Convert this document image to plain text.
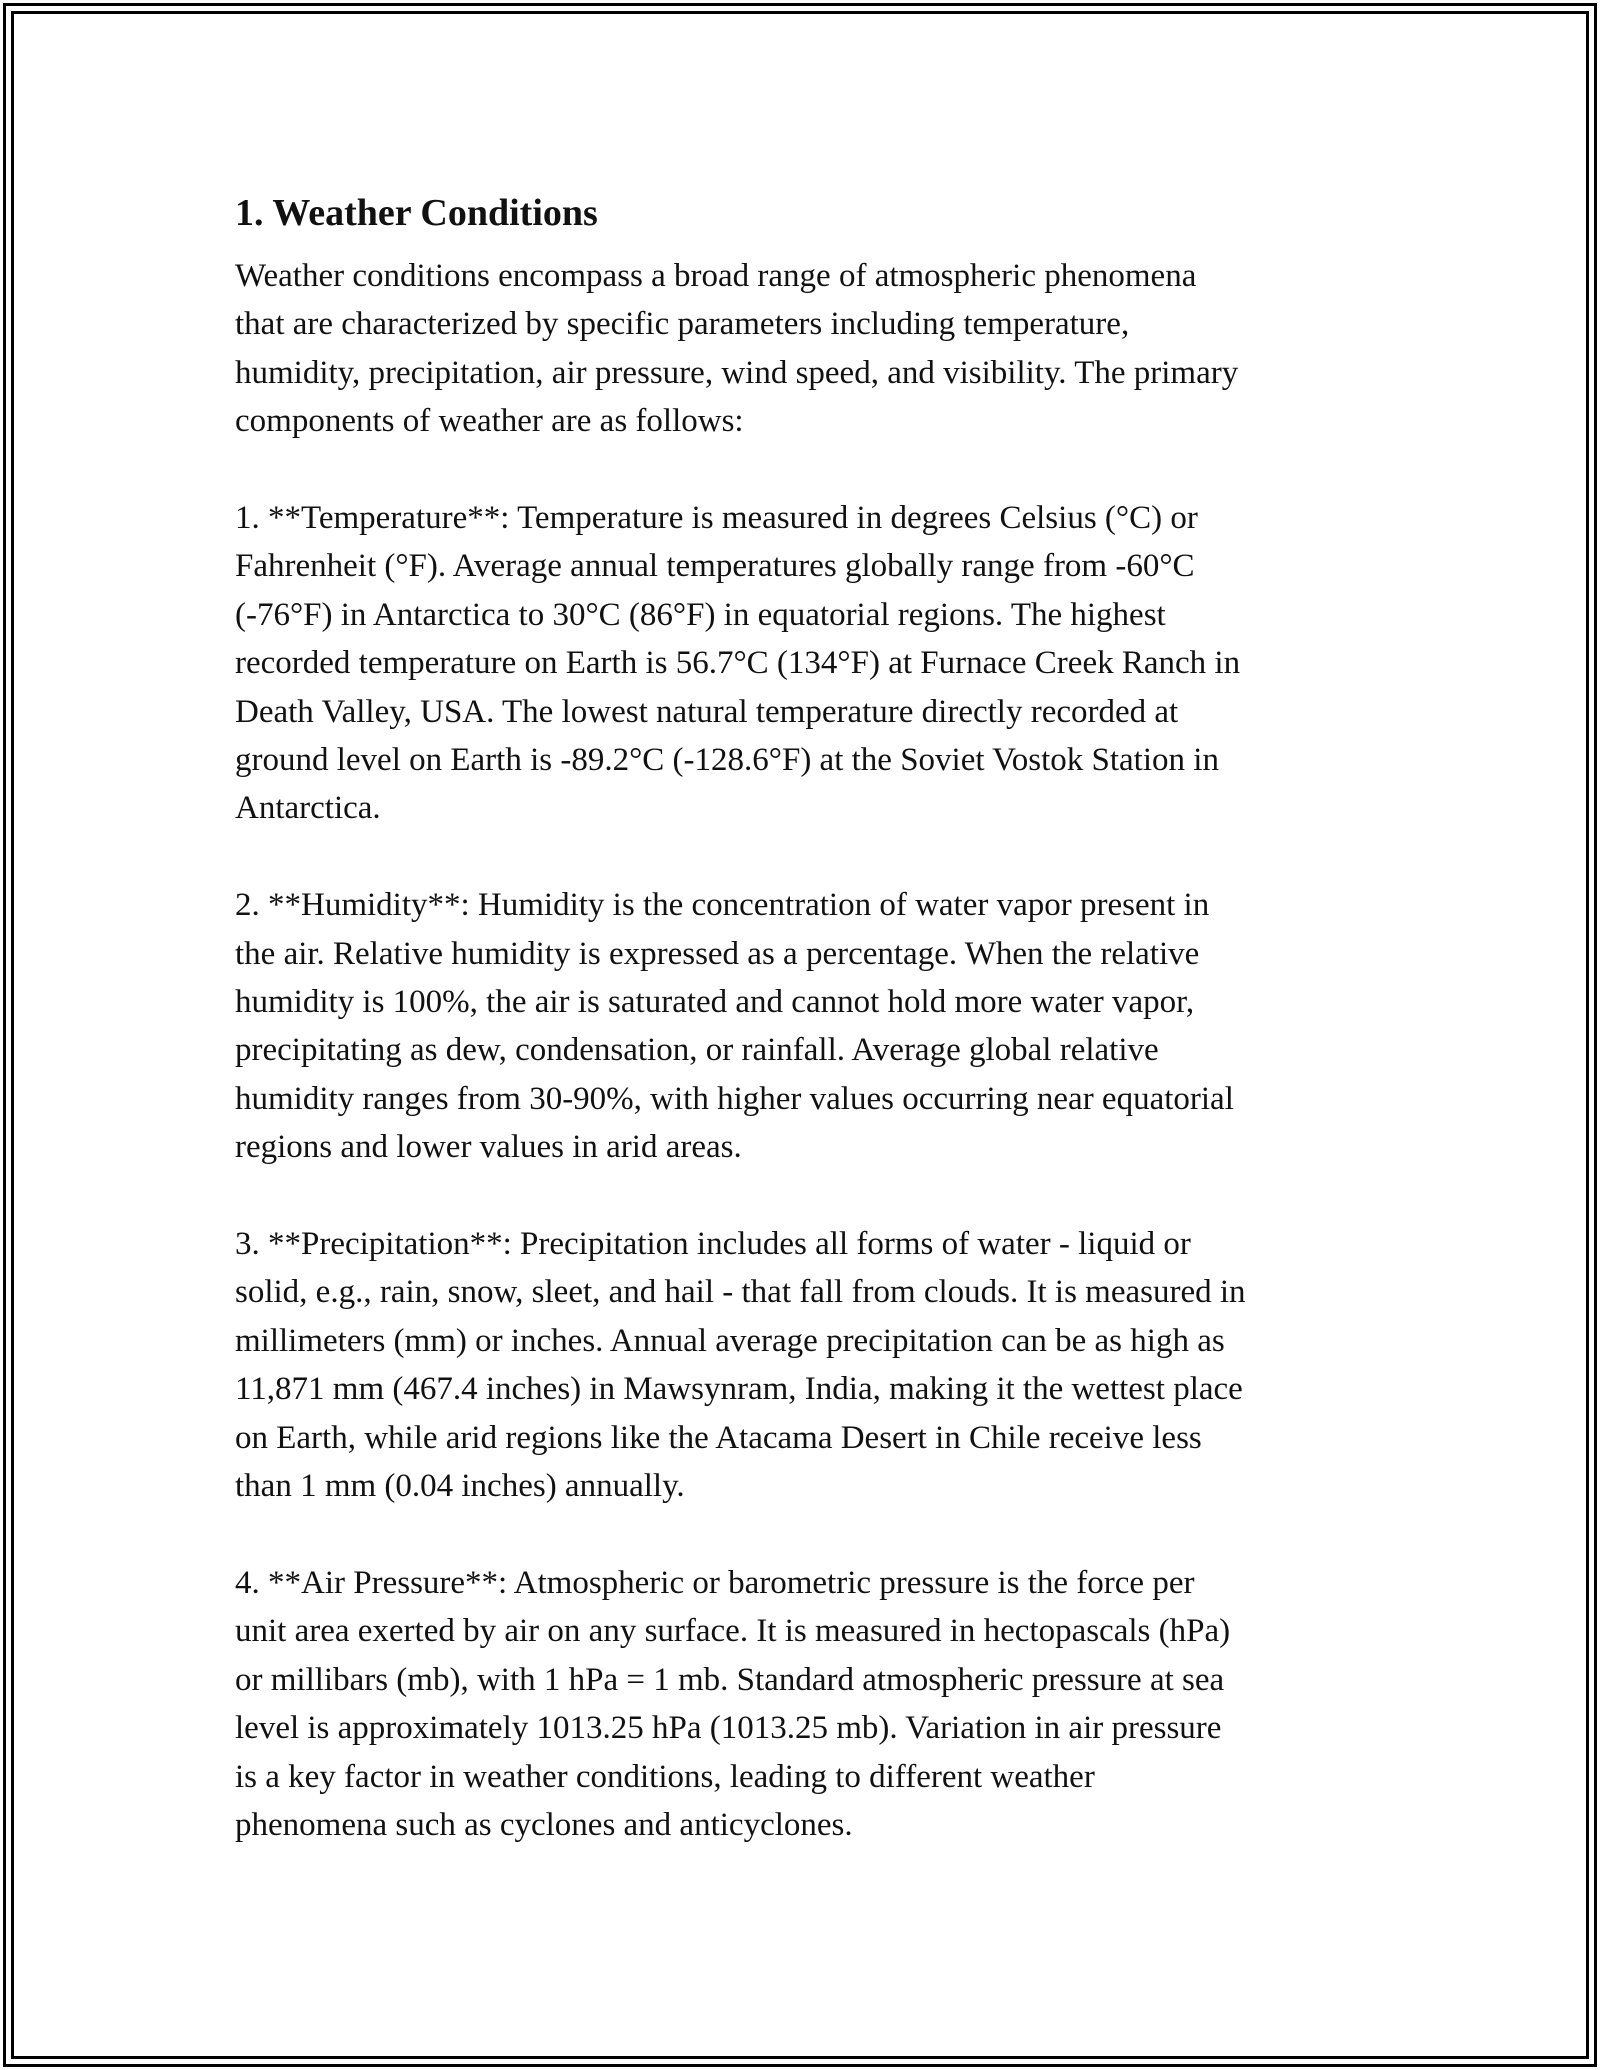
1. Weather Conditions

Weather conditions encompass a broad range of atmospheric phenomena
that are characterized by specific parameters including temperature,
humidity, precipitation, air pressure, wind speed, and visibility. The primary
components of weather are as follows:

1. **Temperature**: Temperature is measured in degrees Celsius (°C) or
Fahrenheit (°F). Average annual temperatures globally range from -60°C
(-76°F) in Antarctica to 30°C (86°F) in equatorial regions. The highest
recorded temperature on Earth is 56.7°C (134°F) at Furnace Creek Ranch in
Death Valley, USA. The lowest natural temperature directly recorded at
ground level on Earth is -89.2°C (-128.6°F) at the Soviet Vostok Station in
Antarctica.

2. **Humidity**: Humidity is the concentration of water vapor present in
the air. Relative humidity is expressed as a percentage. When the relative
humidity is 100%, the air is saturated and cannot hold more water vapor,
precipitating as dew, condensation, or rainfall. Average global relative
humidity ranges from 30-90%, with higher values occurring near equatorial
regions and lower values in arid areas.

3. **Precipitation**: Precipitation includes all forms of water - liquid or
solid, e.g., rain, snow, sleet, and hail - that fall from clouds. It is measured in
millimeters (mm) or inches. Annual average precipitation can be as high as
11,871 mm (467.4 inches) in Mawsynram, India, making it the wettest place
on Earth, while arid regions like the Atacama Desert in Chile receive less
than 1 mm (0.04 inches) annually.

4. **Air Pressure**: Atmospheric or barometric pressure is the force per
unit area exerted by air on any surface. It is measured in hectopascals (hPa)
or millibars (mb), with 1 hPa = 1 mb. Standard atmospheric pressure at sea
level is approximately 1013.25 hPa (1013.25 mb). Variation in air pressure
is a key factor in weather conditions, leading to different weather
phenomena such as cyclones and anticyclones.
